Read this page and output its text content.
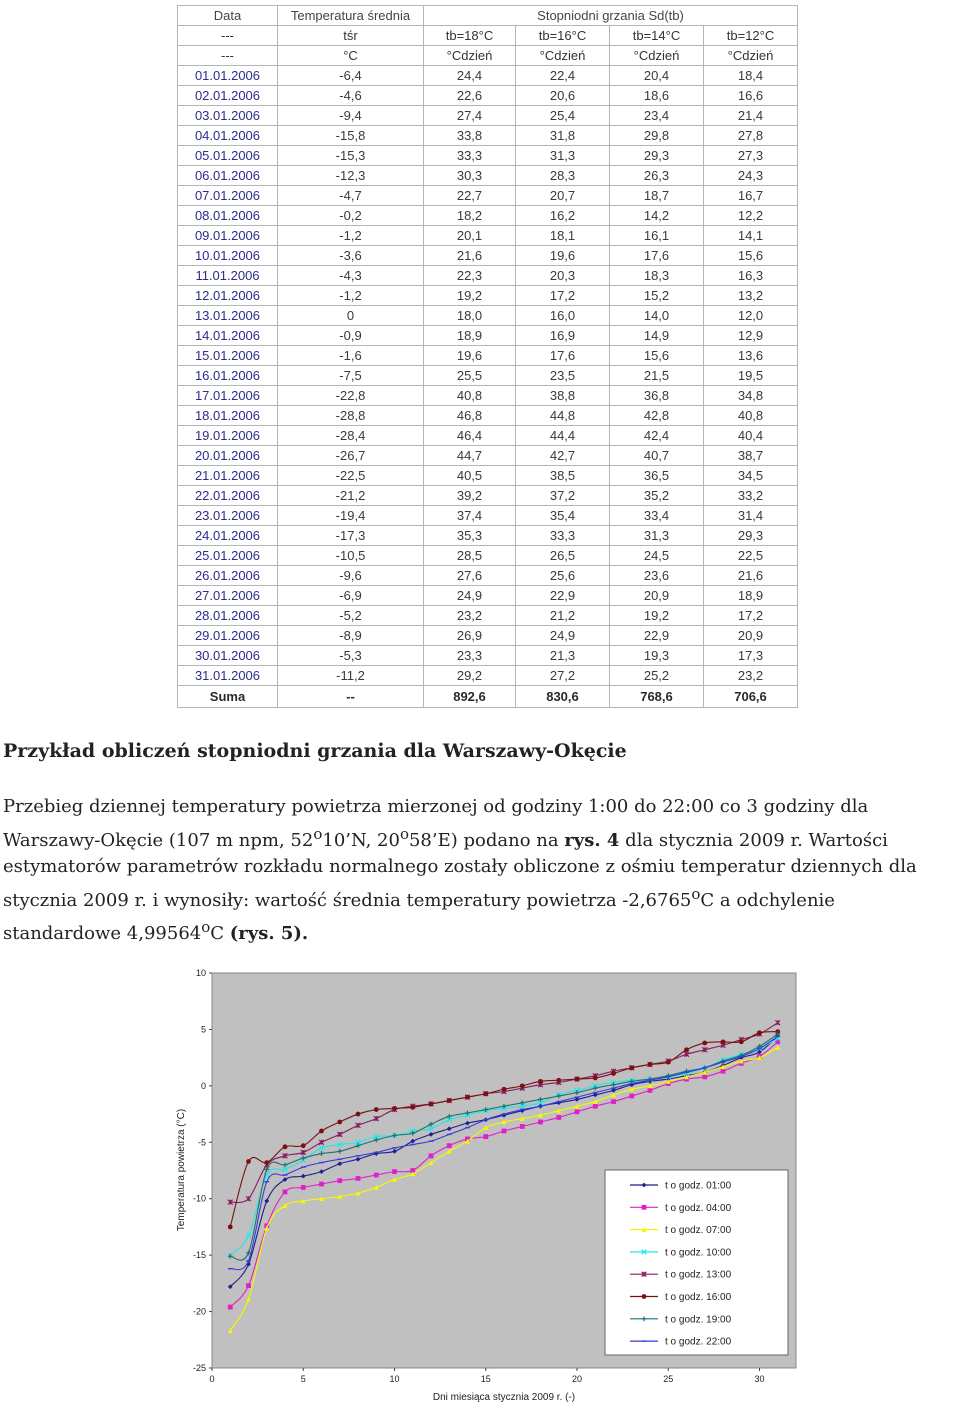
Data	Temperatura średnia	Stopniodni grzania Sd(tb)			
---	tśr	tb=18°C	tb=16°C	tb=14°C	tb=12°C
---	°C	°Cdzień	°Cdzień	°Cdzień	°Cdzień
01.01.2006	-6,4	24,4	22,4	20,4	18,4
02.01.2006	-4,6	22,6	20,6	18,6	16,6
03.01.2006	-9,4	27,4	25,4	23,4	21,4
04.01.2006	-15,8	33,8	31,8	29,8	27,8
05.01.2006	-15,3	33,3	31,3	29,3	27,3
06.01.2006	-12,3	30,3	28,3	26,3	24,3
07.01.2006	-4,7	22,7	20,7	18,7	16,7
08.01.2006	-0,2	18,2	16,2	14,2	12,2
09.01.2006	-1,2	20,1	18,1	16,1	14,1
10.01.2006	-3,6	21,6	19,6	17,6	15,6
11.01.2006	-4,3	22,3	20,3	18,3	16,3
12.01.2006	-1,2	19,2	17,2	15,2	13,2
13.01.2006	0	18,0	16,0	14,0	12,0
14.01.2006	-0,9	18,9	16,9	14,9	12,9
15.01.2006	-1,6	19,6	17,6	15,6	13,6
16.01.2006	-7,5	25,5	23,5	21,5	19,5
17.01.2006	-22,8	40,8	38,8	36,8	34,8
18.01.2006	-28,8	46,8	44,8	42,8	40,8
19.01.2006	-28,4	46,4	44,4	42,4	40,4
20.01.2006	-26,7	44,7	42,7	40,7	38,7
21.01.2006	-22,5	40,5	38,5	36,5	34,5
22.01.2006	-21,2	39,2	37,2	35,2	33,2
23.01.2006	-19,4	37,4	35,4	33,4	31,4
24.01.2006	-17,3	35,3	33,3	31,3	29,3
25.01.2006	-10,5	28,5	26,5	24,5	22,5
26.01.2006	-9,6	27,6	25,6	23,6	21,6
27.01.2006	-6,9	24,9	22,9	20,9	18,9
28.01.2006	-5,2	23,2	21,2	19,2	17,2
29.01.2006	-8,9	26,9	24,9	22,9	20,9
30.01.2006	-5,3	23,3	21,3	19,3	17,3
31.01.2006	-11,2	29,2	27,2	25,2	23,2
Suma	--	892,6	830,6	768,6	706,6

Przykład obliczeń stopniodni grzania dla Warszawy-Okęcie

Przebieg dziennej temperatury powietrza mierzonej od godziny 1:00 do 22:00 co 3 godziny dla Warszawy-Okęcie (107 m npm, 52$^o$10’N, 20$^o$58’E) podano na rys. 4 dla stycznia 2009 r. Wartości estymatorów parametrów rozkładu normalnego zostały obliczone z ośmiu temperatur dziennych dla stycznia 2009 r. i wynosiły: wartość średnia temperatury powietrza -2,6765$^o$C a odchylenie standardowe 4,99564$^o$C (rys. 5).

-25
-20
-15
-10
-5
0
5
10
0	5	10	15	20	25	30
t o godz. 01:00
t o godz. 04:00
t o godz. 07:00
t o godz. 10:00
t o godz. 13:00
t o godz. 16:00
t o godz. 19:00
t o godz. 22:00
Temperatura powietrza (°C)
Dni miesiąca stycznia 2009 r. (-)
